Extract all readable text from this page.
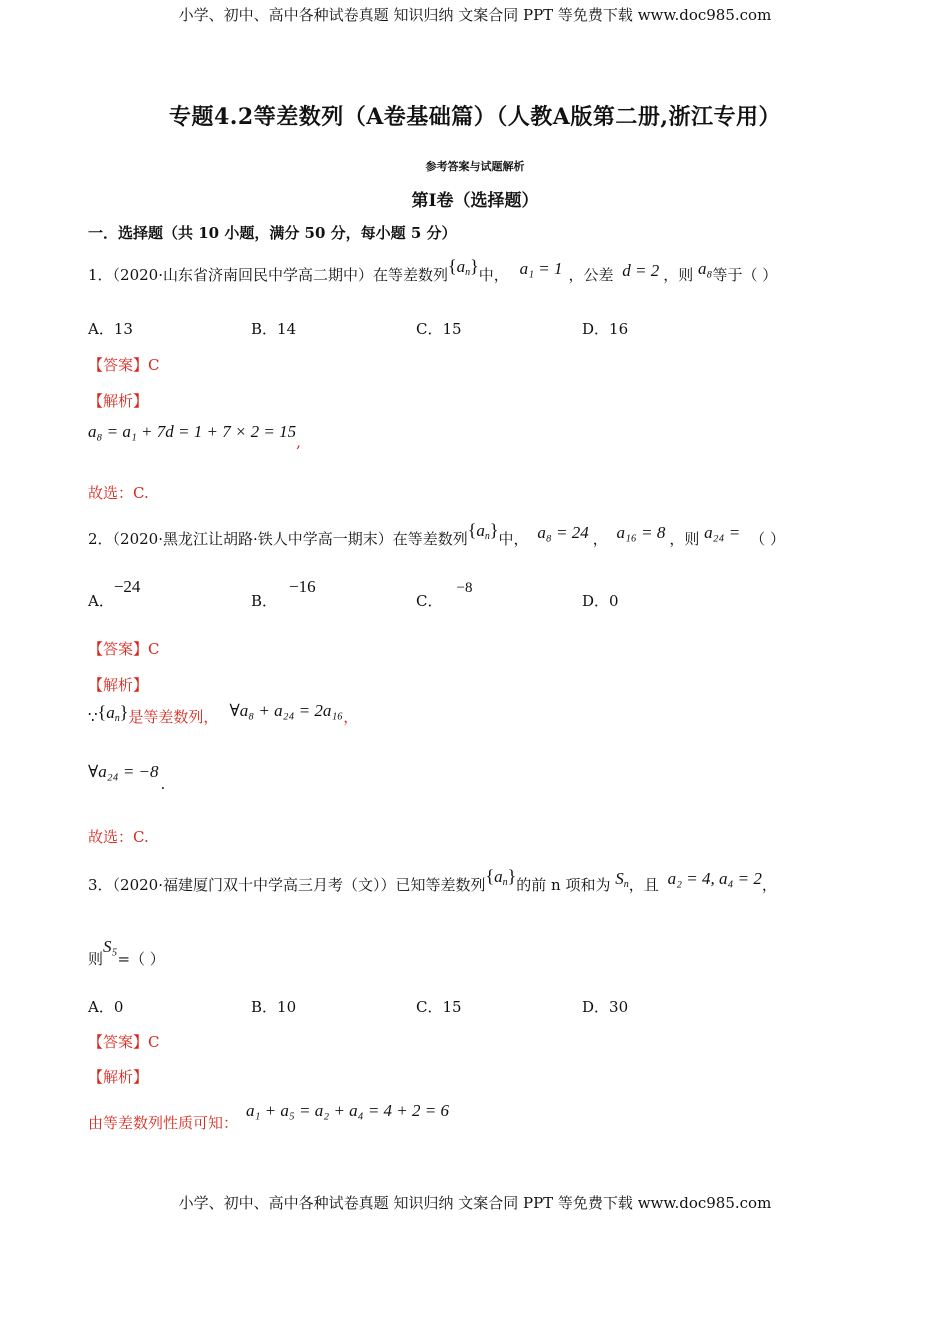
小学、初中、高中各种试卷真题 知识归纳 文案合同 PPT 等免费下载 www.doc985.com
专题4.2等差数列（A卷基础篇）（人教A版第二册,浙江专用）
参考答案与试题解析
第Ⅰ卷（选择题）
一．选择题（共 10 小题，满分 50 分，每小题 5 分）
1．（2020·山东省济南回民中学高二期中）在等差数列$\{a_n\}$中， a₁ = 1 ，公差 d = 2 ，则 a₈等于（ ）
A．13	B．14	C．15	D．16
【答案】C
【解析】
a₈ = a₁ + 7d = 1 + 7 × 2 = 15,
故选：C.
2．（2020·黑龙江让胡路·铁人中学高一期末）在等差数列$\{a_n\}$中， a₈ = 24 ， a₁₆ = 8 ，则 a₂₄ = （ ）
A．−24
B．−16
C．−8
D．0
【答案】C
【解析】
$\because\{a_n\}$是等差数列， ∀a₈ + a₂₄ = 2a₁₆，
∀a₂₄ = −8.
故选：C.
3．（2020·福建厦门双十中学高三月考（文））已知等差数列$\{a_n\}$的前 n 项和为 $S_n$，且 a₂ = 4, a₄ = 2，
则S₅=（ ）
A．0	B．10	C．15	D．30
【答案】C
【解析】
由等差数列性质可知：a₁ + a₅ = a₂ + a₄ = 4 + 2 = 6
小学、初中、高中各种试卷真题 知识归纳 文案合同 PPT 等免费下载 www.doc985.com
